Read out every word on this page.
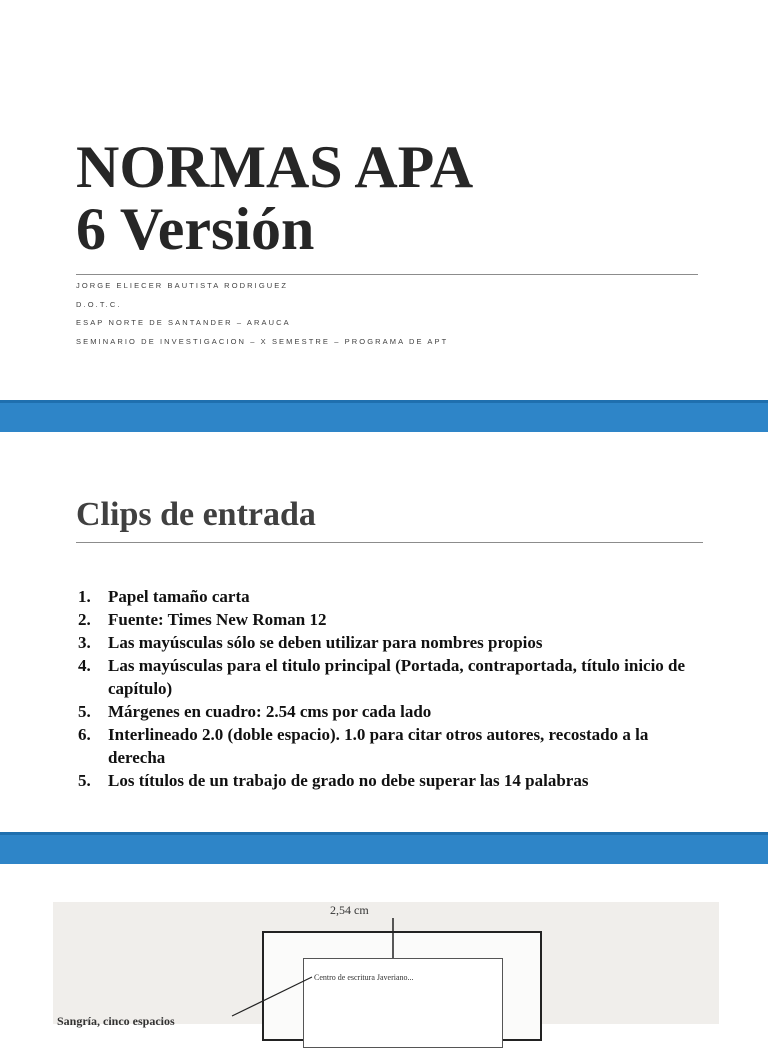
NORMAS APA
6 Versión
JORGE ELIECER BAUTISTA RODRIGUEZ
D.O.T.C.
ESAP NORTE DE SANTANDER – ARAUCA
SEMINARIO DE INVESTIGACION – X SEMESTRE – PROGRAMA DE APT
Clips de entrada
1.	Papel tamaño carta
2.	Fuente: Times New Roman 12
3.	Las mayúsculas sólo se deben utilizar para nombres propios
4.	Las mayúsculas para el titulo principal (Portada, contraportada, título inicio de capítulo)
5.	Márgenes en cuadro: 2.54 cms por cada lado
6.	Interlineado 2.0 (doble espacio). 1.0 para citar otros autores, recostado a la derecha
5.	Los títulos de un trabajo de grado no debe superar las 14 palabras
2,54 cm
Centro de escritura Javeriano...
Sangría, cinco espacios
